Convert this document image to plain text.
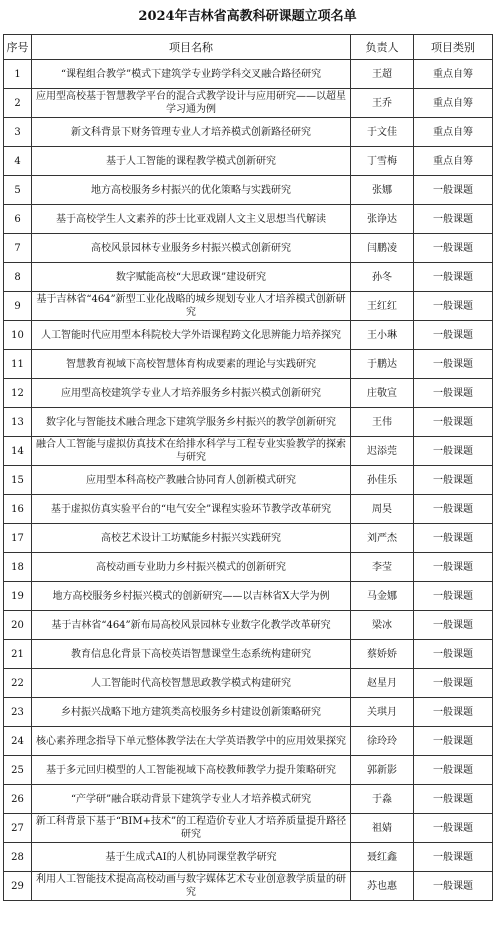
2024年吉林省高教科研课题立项名单
序号	项目名称	负责人	项目类别
1	“课程组合教学”模式下建筑学专业跨学科交叉融合路径研究	王超	重点自筹
2	应用型高校基于智慧教学平台的混合式教学设计与应用研究——以超星学习通为例	王乔	重点自筹
3	新文科背景下财务管理专业人才培养模式创新路径研究	于文佳	重点自筹
4	基于人工智能的课程教学模式创新研究	丁雪梅	重点自筹
5	地方高校服务乡村振兴的优化策略与实践研究	张娜	一般课题
6	基于高校学生人文素养的莎士比亚戏剧人文主义思想当代解读	张诤达	一般课题
7	高校风景园林专业服务乡村振兴模式创新研究	闫鹏凌	一般课题
8	数字赋能高校“大思政课”建设研究	孙冬	一般课题
9	基于吉林省“464”新型工业化战略的城乡规划专业人才培养模式创新研究	王红红	一般课题
10	人工智能时代应用型本科院校大学外语课程跨文化思辨能力培养探究	王小琳	一般课题
11	智慧教育视域下高校智慧体育构成要素的理论与实践研究	于鹏达	一般课题
12	应用型高校建筑学专业人才培养服务乡村振兴模式创新研究	庄敬宣	一般课题
13	数字化与智能技术融合理念下建筑学服务乡村振兴的教学创新研究	王伟	一般课题
14	融合人工智能与虚拟仿真技术在给排水科学与工程专业实验教学的探索与研究	迟添莞	一般课题
15	应用型本科高校产教融合协同育人创新模式研究	孙佳乐	一般课题
16	基于虚拟仿真实验平台的“电气安全”课程实验环节教学改革研究	周昊	一般课题
17	高校艺术设计工坊赋能乡村振兴实践研究	刘严杰	一般课题
18	高校动画专业助力乡村振兴模式的创新研究	李莹	一般课题
19	地方高校服务乡村振兴模式的创新研究——以吉林省X大学为例	马金娜	一般课题
20	基于吉林省“464”新布局高校风景园林专业数字化教学改革研究	梁冰	一般课题
21	教育信息化背景下高校英语智慧课堂生态系统构建研究	蔡娇娇	一般课题
22	人工智能时代高校智慧思政教学模式构建研究	赵星月	一般课题
23	乡村振兴战略下地方建筑类高校服务乡村建设创新策略研究	关琪月	一般课题
24	核心素养理念指导下单元整体教学法在大学英语教学中的应用效果探究	徐玲玲	一般课题
25	基于多元回归模型的人工智能视域下高校教师教学力提升策略研究	郭新影	一般课题
26	“产学研”融合联动背景下建筑学专业人才培养模式研究	于淼	一般课题
27	新工科背景下基于“BIM+技术”的工程造价专业人才培养质量提升路径研究	祖婧	一般课题
28	基于生成式AI的人机协同课堂教学研究	聂红鑫	一般课题
29	利用人工智能技术提高高校动画与数字媒体艺术专业创意教学质量的研究	苏也惠	一般课题
